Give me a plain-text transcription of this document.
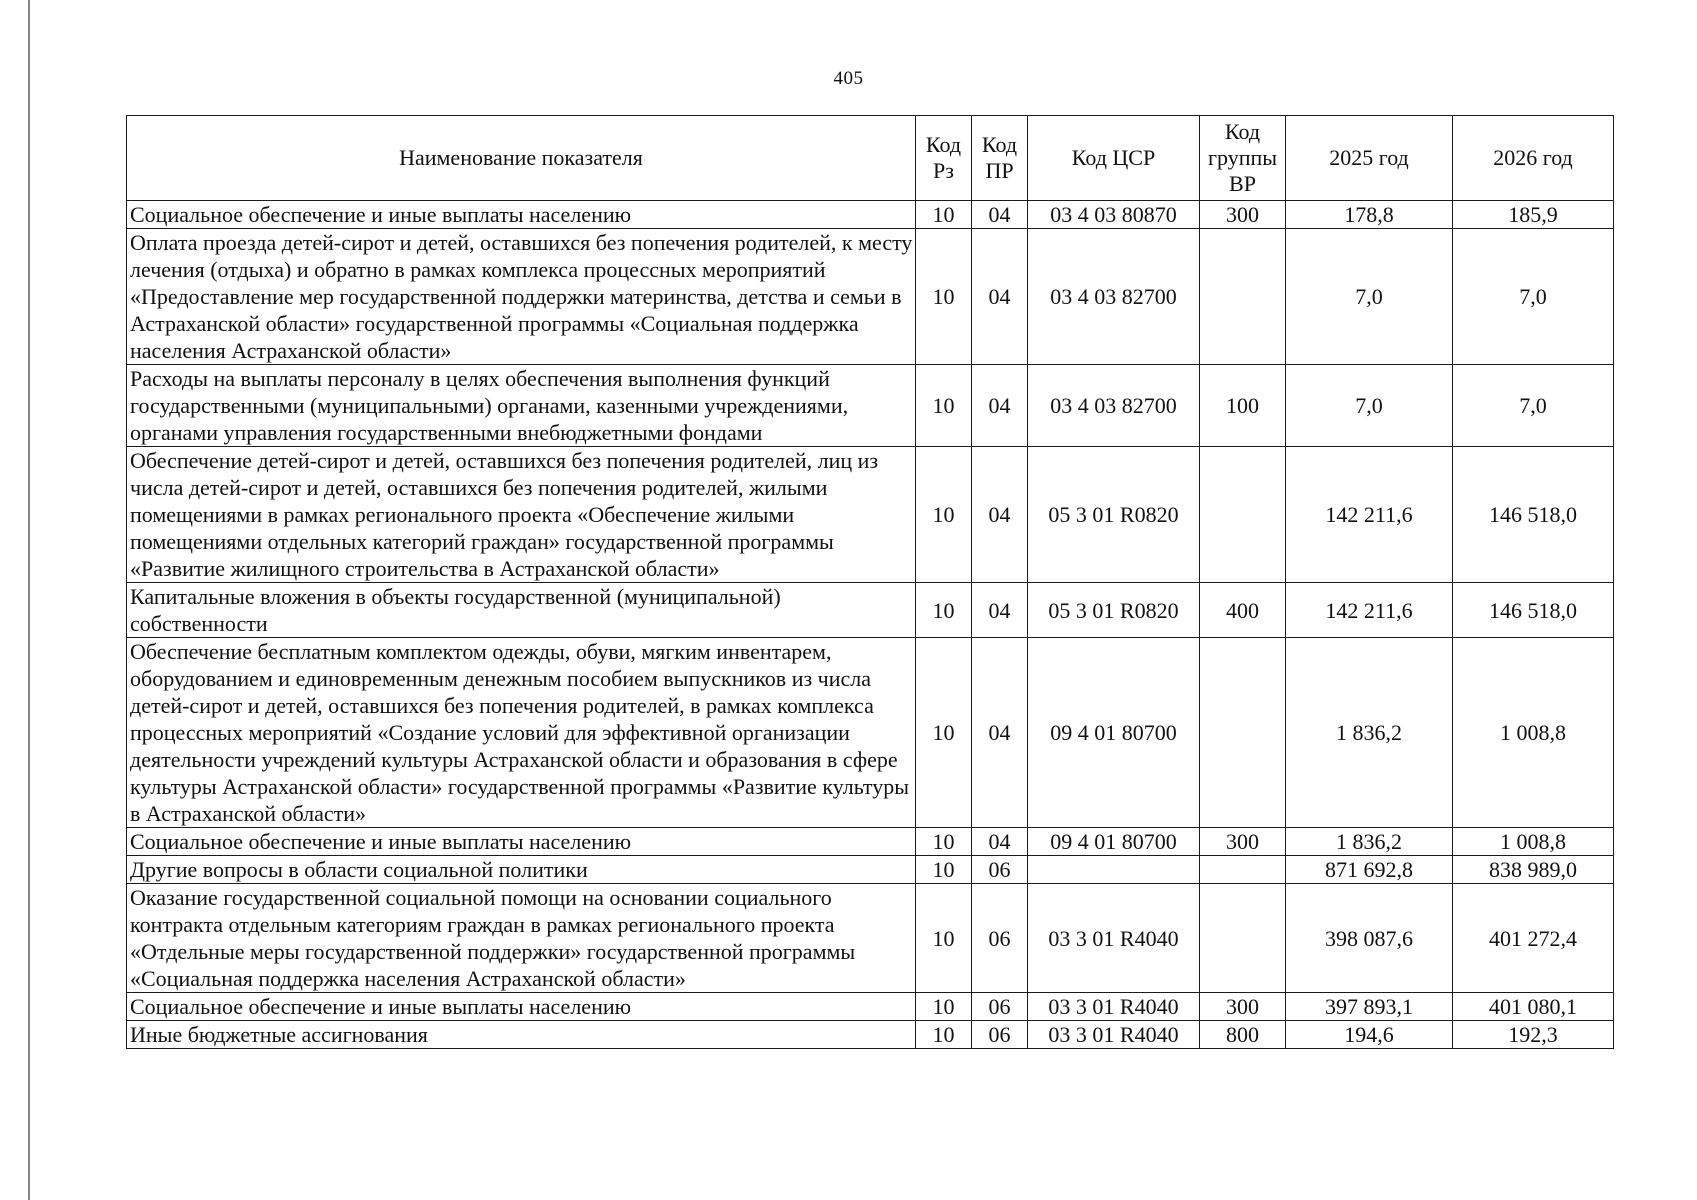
405
Наименование показателя	Код Рз	Код ПР	Код ЦСР	Код группы ВР	2025 год	2026 год
Социальное обеспечение и иные выплаты населению	10	04	03 4 03 80870	300	178,8	185,9
Оплата проезда детей-сирот и детей, оставшихся без попечения родителей, к месту лечения (отдыха) и обратно в рамках комплекса процессных мероприятий «Предоставление мер государственной поддержки материнства, детства и семьи в Астраханской области» государственной программы «Социальная поддержка населения Астраханской области»	10	04	03 4 03 82700		7,0	7,0
Расходы на выплаты персоналу в целях обеспечения выполнения функций государственными (муниципальными) органами, казенными учреждениями, органами управления государственными внебюджетными фондами	10	04	03 4 03 82700	100	7,0	7,0
Обеспечение детей-сирот и детей, оставшихся без попечения родителей, лиц из числа детей-сирот и детей, оставшихся без попечения родителей, жилыми помещениями в рамках регионального проекта «Обеспечение жилыми помещениями отдельных категорий граждан» государственной программы «Развитие жилищного строительства в Астраханской области»	10	04	05 3 01 R0820		142 211,6	146 518,0
Капитальные вложения в объекты государственной (муниципальной) собственности	10	04	05 3 01 R0820	400	142 211,6	146 518,0
Обеспечение бесплатным комплектом одежды, обуви, мягким инвентарем, оборудованием и единовременным денежным пособием выпускников из числа детей-сирот и детей, оставшихся без попечения родителей, в рамках комплекса процессных мероприятий «Создание условий для эффективной организации деятельности учреждений культуры Астраханской области и образования в сфере культуры Астраханской области» государственной программы «Развитие культуры в Астраханской области»	10	04	09 4 01 80700		1 836,2	1 008,8
Социальное обеспечение и иные выплаты населению	10	04	09 4 01 80700	300	1 836,2	1 008,8
Другие вопросы в области социальной политики	10	06			871 692,8	838 989,0
Оказание государственной социальной помощи на основании социального контракта отдельным категориям граждан в рамках регионального проекта «Отдельные меры государственной поддержки» государственной программы «Социальная поддержка населения Астраханской области»	10	06	03 3 01 R4040		398 087,6	401 272,4
Социальное обеспечение и иные выплаты населению	10	06	03 3 01 R4040	300	397 893,1	401 080,1
Иные бюджетные ассигнования	10	06	03 3 01 R4040	800	194,6	192,3
